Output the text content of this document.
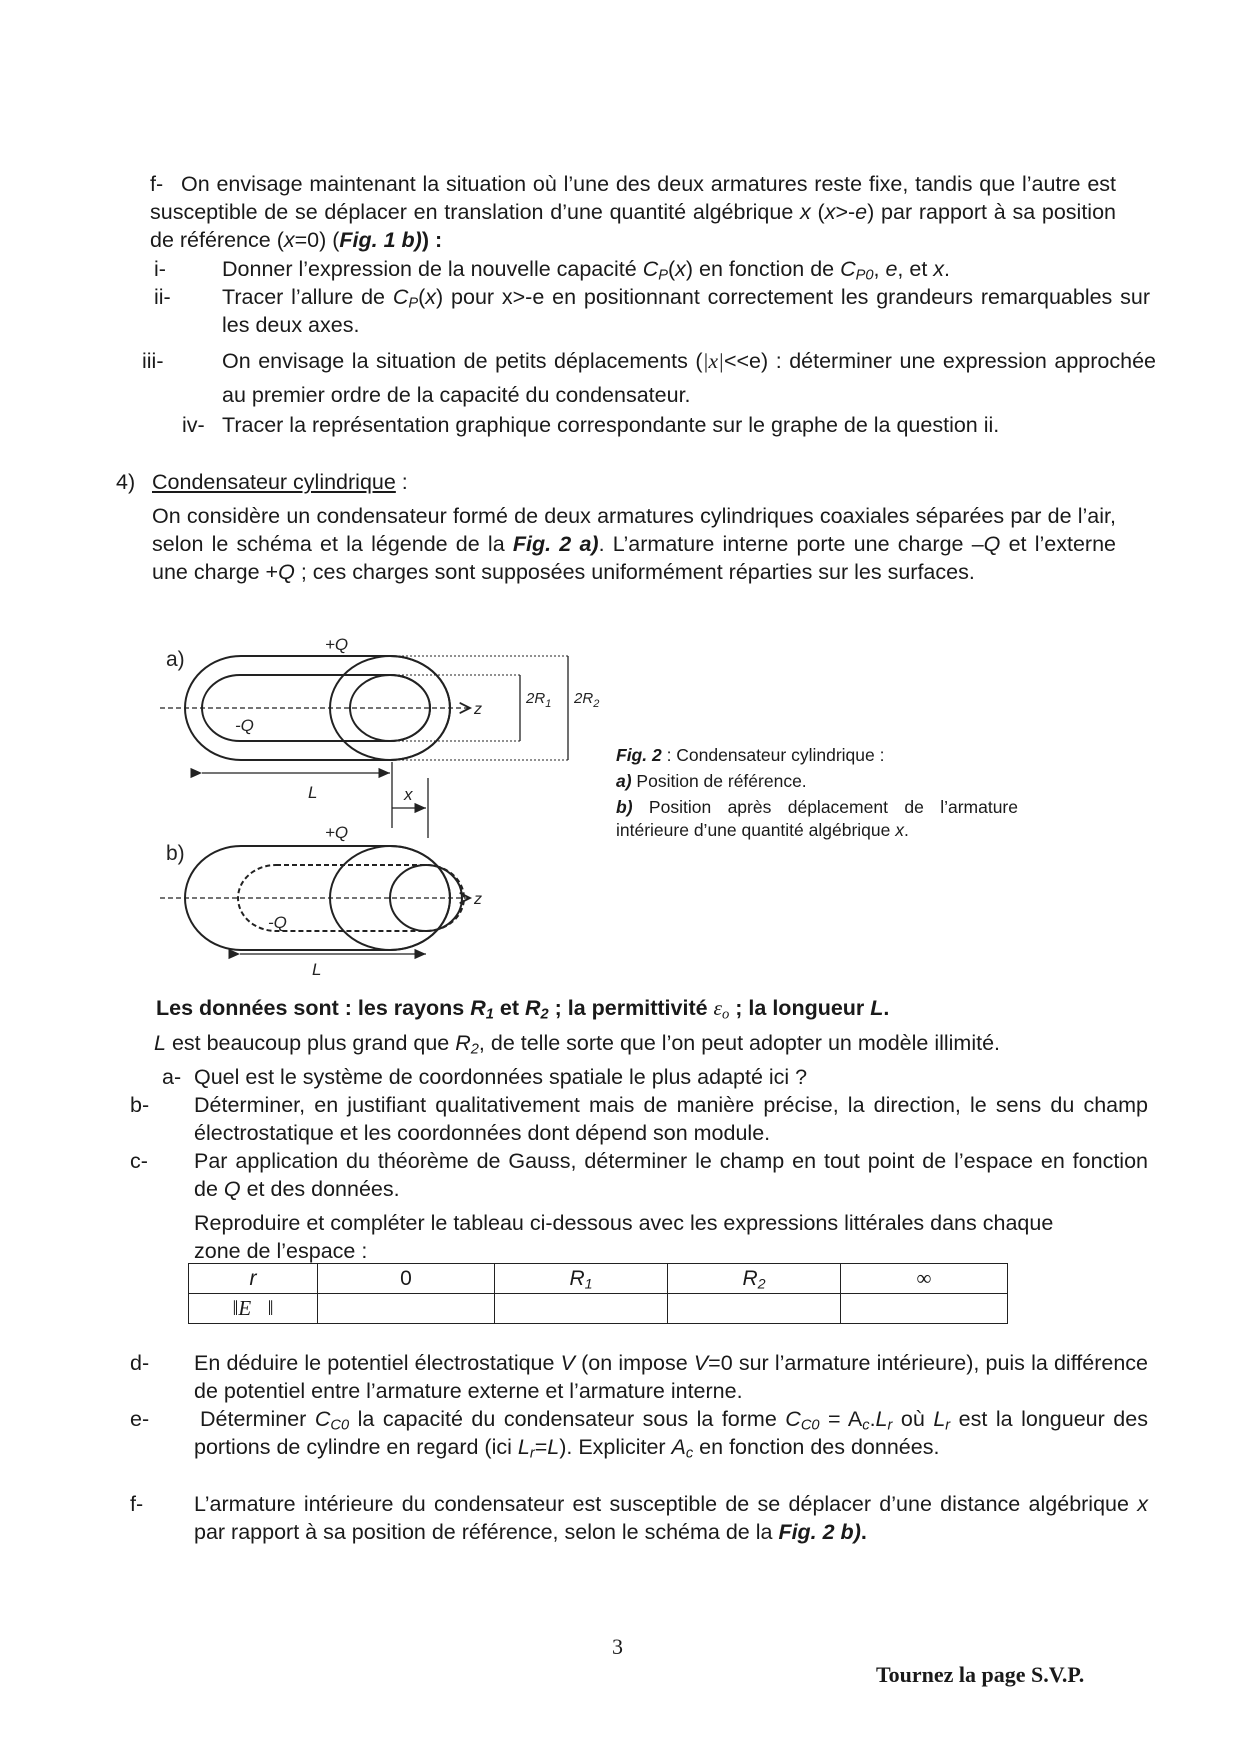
f- On envisage maintenant la situation où l’une des deux armatures reste fixe, tandis que l’autre est susceptible de se déplacer en translation d’une quantité algébrique x (x>-e) par rapport à sa position de référence (x=0) (Fig. 1 b)) :
i-	Donner l’expression de la nouvelle capacité $C_P(x)$ en fonction de $C_{P0}$, e, et x.
ii- Tracer l’allure de $C_P(x)$ pour x>-e en positionnant correctement les grandeurs remarquables sur les deux axes.
iii-	On envisage la situation de petits déplacements (|x|<<e) : déterminer une expression approchée au premier ordre de la capacité du condensateur.
iv- Tracer la représentation graphique correspondante sur le graphe de la question ii.
4) Condensateur cylindrique :
On considère un condensateur formé de deux armatures cylindriques coaxiales séparées par de l’air, selon le schéma et la légende de la Fig. 2 a). L’armature interne porte une charge –Q et l’externe une charge +Q ; ces charges sont supposées uniformément réparties sur les surfaces.
a)
+Q
-Q
z
$2R_1$ $2R_2$
L	x
b)
+Q
-Q
z
L
Fig. 2 : Condensateur cylindrique :
a) Position de référence.
b) Position après déplacement de l’armature intérieure d’une quantité algébrique x.
Les données sont : les rayons $R_1$ et $R_2$ ; la permittivité $\varepsilon_o$ ; la longueur L.
L est beaucoup plus grand que $R_2$, de telle sorte que l’on peut adopter un modèle illimité.
a- Quel est le système de coordonnées spatiale le plus adapté ici ?
b- Déterminer, en justifiant qualitativement mais de manière précise, la direction, le sens du champ électrostatique et les coordonnées dont dépend son module.
c- Par application du théorème de Gauss, déterminer le champ en tout point de l’espace en fonction de Q et des données.
Reproduire et compléter le tableau ci-dessous avec les expressions littérales dans chaque zone de l’espace :
r	0	$R_1$	$R_2$	∞
‖E⃗‖				
d- En déduire le potentiel électrostatique V (on impose V=0 sur l’armature intérieure), puis la différence de potentiel entre l’armature externe et l’armature interne.
e- Déterminer $C_{C0}$ la capacité du condensateur sous la forme $C_{C0} = A_c.L_r$ où $L_r$ est la longueur des portions de cylindre en regard (ici $L_r=L$). Expliciter $A_c$ en fonction des données.
f- L’armature intérieure du condensateur est susceptible de se déplacer d’une distance algébrique x par rapport à sa position de référence, selon le schéma de la Fig. 2 b).
3
Tournez la page S.V.P.
